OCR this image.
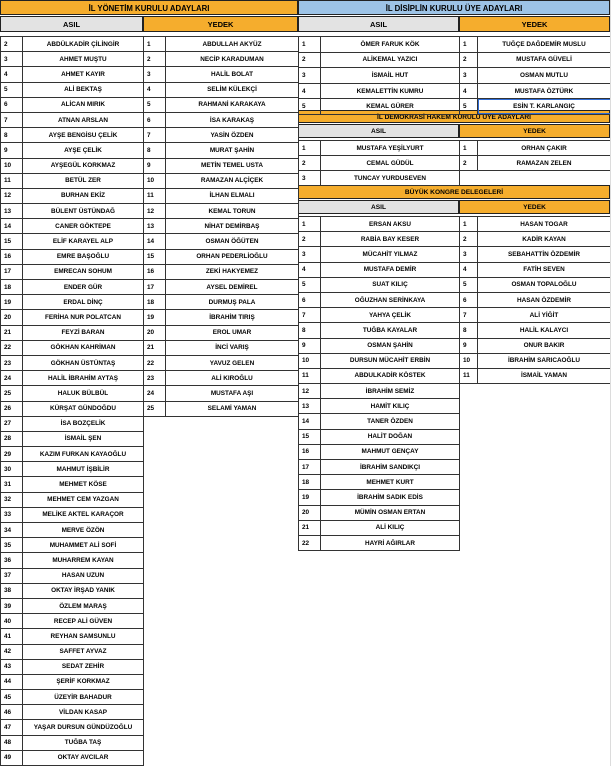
İL YÖNETİM KURULU ADAYLARI	İL DİSİPLİN KURULU ÜYE ADAYLARI
ASIL	YEDEK	ASIL	YEDEK
İL DEMOKRASİ HAKEM KURULU ÜYE ADAYLARI
ASIL	YEDEK
BÜYÜK KONGRE DELEGELERİ
ASIL	YEDEK
2	ABDÜLKADİR ÇİLİNGİR
3	AHMET MUŞTU
4	AHMET KAYIR
5	ALİ BEKTAŞ
6	ALİCAN MIRIK
7	ATNAN ARSLAN
8	AYŞE BENGİSU ÇELİK
9	AYŞE ÇELİK
10	AYŞEGÜL KORKMAZ
11	BETÜL ZER
12	BURHAN EKİZ
13	BÜLENT ÜSTÜNDAĞ
14	CANER GÖKTEPE
15	ELİF KARAYEL ALP
16	EMRE BAŞOĞLU
17	EMRECAN SOHUM
18	ENDER GÜR
19	ERDAL DİNÇ
20	FERİHA NUR POLATCAN
21	FEYZİ BARAN
22	GÖKHAN KAHRİMAN
23	GÖKHAN ÜSTÜNTAŞ
24	HALİL İBRAHİM AYTAŞ
25	HALUK BÜLBÜL
26	KÜRŞAT GÜNDOĞDU
27	İSA BOZÇELİK
28	İSMAİL ŞEN
29	KAZIM FURKAN KAYAOĞLU
30	MAHMUT İŞBİLİR
31	MEHMET KÖSE
32	MEHMET CEM YAZGAN
33	MELİKE AKTEL KARAÇOR
34	MERVE ÖZÖN
35	MUHAMMET ALİ SOFİ
36	MUHARREM KAYAN
37	HASAN UZUN
38	OKTAY İRŞAD YANIK
39	ÖZLEM MARAŞ
40	RECEP ALİ GÜVEN
41	REYHAN SAMSUNLU
42	SAFFET AYVAZ
43	SEDAT ZEHİR
44	ŞERİF KORKMAZ
45	ÜZEYİR BAHADUR
46	VİLDAN KASAP
47	YAŞAR DURSUN GÜNDÜZOĞLU
48	TUĞBA TAŞ
49	OKTAY AVCILAR
1	ABDULLAH AKYÜZ
2	NECİP KARADUMAN
3	HALİL BOLAT
4	SELİM KÜLEKÇİ
5	RAHMANİ KARAKAYA
6	İSA KARAKAŞ
7	YASİN ÖZDEN
8	MURAT ŞAHİN
9	METİN TEMEL USTA
10	RAMAZAN ALÇİÇEK
11	İLHAN ELMALI
12	KEMAL TORUN
13	NİHAT DEMİRBAŞ
14	OSMAN ÖĞÜTEN
15	ORHAN PEDERLİOĞLU
16	ZEKİ HAKYEMEZ
17	AYSEL DEMİREL
18	DURMUŞ PALA
19	İBRAHİM TIRIŞ
20	EROL UMAR
21	İNCİ VARIŞ
22	YAVUZ GELEN
23	ALİ KIROĞLU
24	MUSTAFA AŞI
25	SELAMİ YAMAN
1	ÖMER FARUK KÖK
2	ALİKEMAL YAZICI
3	İSMAİL HUT
4	KEMALETTİN KUMRU
5	KEMAL GÜRER
1	TUĞÇE DAĞDEMİR MUSLU
2	MUSTAFA GÜVELİ
3	OSMAN MUTLU
4	MUSTAFA ÖZTÜRK
5	ESİN T. KARLANGIÇ
1	MUSTAFA YEŞİLYURT
2	CEMAL GÜDÜL
3	TUNCAY YURDUSEVEN
1	ORHAN ÇAKIR
2	RAMAZAN ZELEN
1	ERSAN AKSU
2	RABİA BAY KESER
3	MÜCAHİT YILMAZ
4	MUSTAFA DEMİR
5	SUAT KILIÇ
6	OĞUZHAN SERİNKAYA
7	YAHYA ÇELİK
8	TUĞBA KAYALAR
9	OSMAN ŞAHİN
10	DURSUN MÜCAHİT ERBİN
11	ABDULKADİR KÖSTEK
12	İBRAHİM SEMİZ
13	HAMİT KILIÇ
14	TANER ÖZDEN
15	HALİT DOĞAN
16	MAHMUT GENÇAY
17	İBRAHİM SANDIKÇI
18	MEHMET KURT
19	İBRAHİM SADIK EDİS
20	MÜMİN OSMAN ERTAN
21	ALİ KILIÇ
22	HAYRİ AĞIRLAR
1	HASAN TOGAR
2	KADİR KAYAN
3	SEBAHATTİN ÖZDEMİR
4	FATİH SEVEN
5	OSMAN TOPALOĞLU
6	HASAN ÖZDEMİR
7	ALİ YİĞİT
8	HALİL KALAYCI
9	ONUR BAKIR
10	İBRAHİM SARICAOĞLU
11	İSMAİL YAMAN
